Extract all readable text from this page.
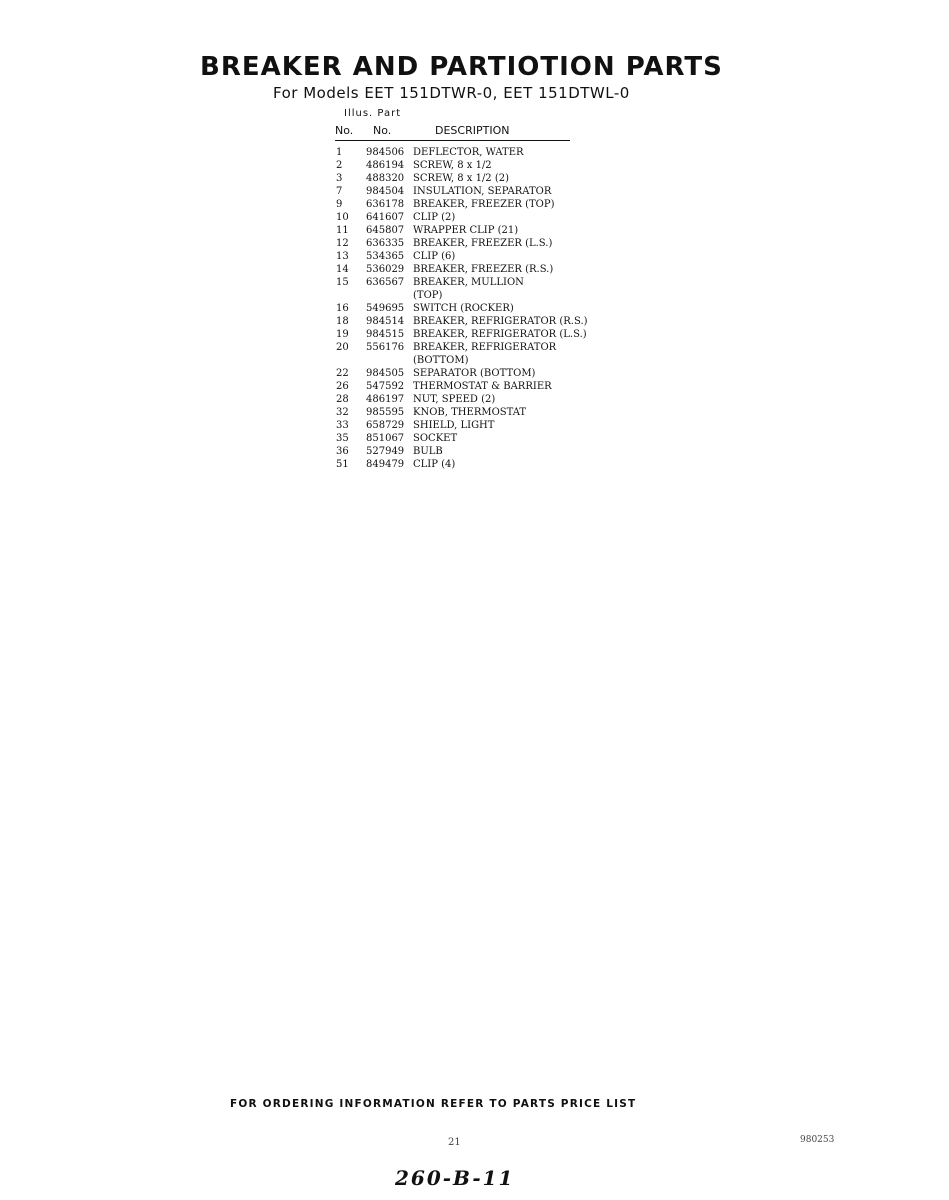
BREAKER AND PARTIOTION PARTS
For Models EET 151DTWR-0, EET 151DTWL-0
Illus. Part
No. No.	DESCRIPTION
1	984506 DEFLECTOR, WATER
2	486194 SCREW, 8 x 1/2
3	488320 SCREW, 8 x 1/2 (2)
7	984504 INSULATION, SEPARATOR
9	636178 BREAKER, FREEZER (TOP)
10	641607 CLIP (2)
11	645807 WRAPPER CLIP (21)
12	636335 BREAKER, FREEZER (L.S.)
13	534365 CLIP (6)
14	536029 BREAKER, FREEZER (R.S.)
15	636567 BREAKER, MULLION
(TOP)
16	549695 SWITCH (ROCKER)
18	984514 BREAKER, REFRIGERATOR (R.S.)
19	984515 BREAKER, REFRIGERATOR (L.S.)
20	556176 BREAKER, REFRIGERATOR
(BOTTOM)
22	984505 SEPARATOR (BOTTOM)
26	547592 THERMOSTAT & BARRIER
28	486197 NUT, SPEED (2)
32	985595 KNOB, THERMOSTAT
33	658729 SHIELD, LIGHT
35	851067 SOCKET
36	527949 BULB
51	849479 CLIP (4)
FOR ORDERING INFORMATION REFER TO PARTS PRICE LIST
21	980253
260-B-11
